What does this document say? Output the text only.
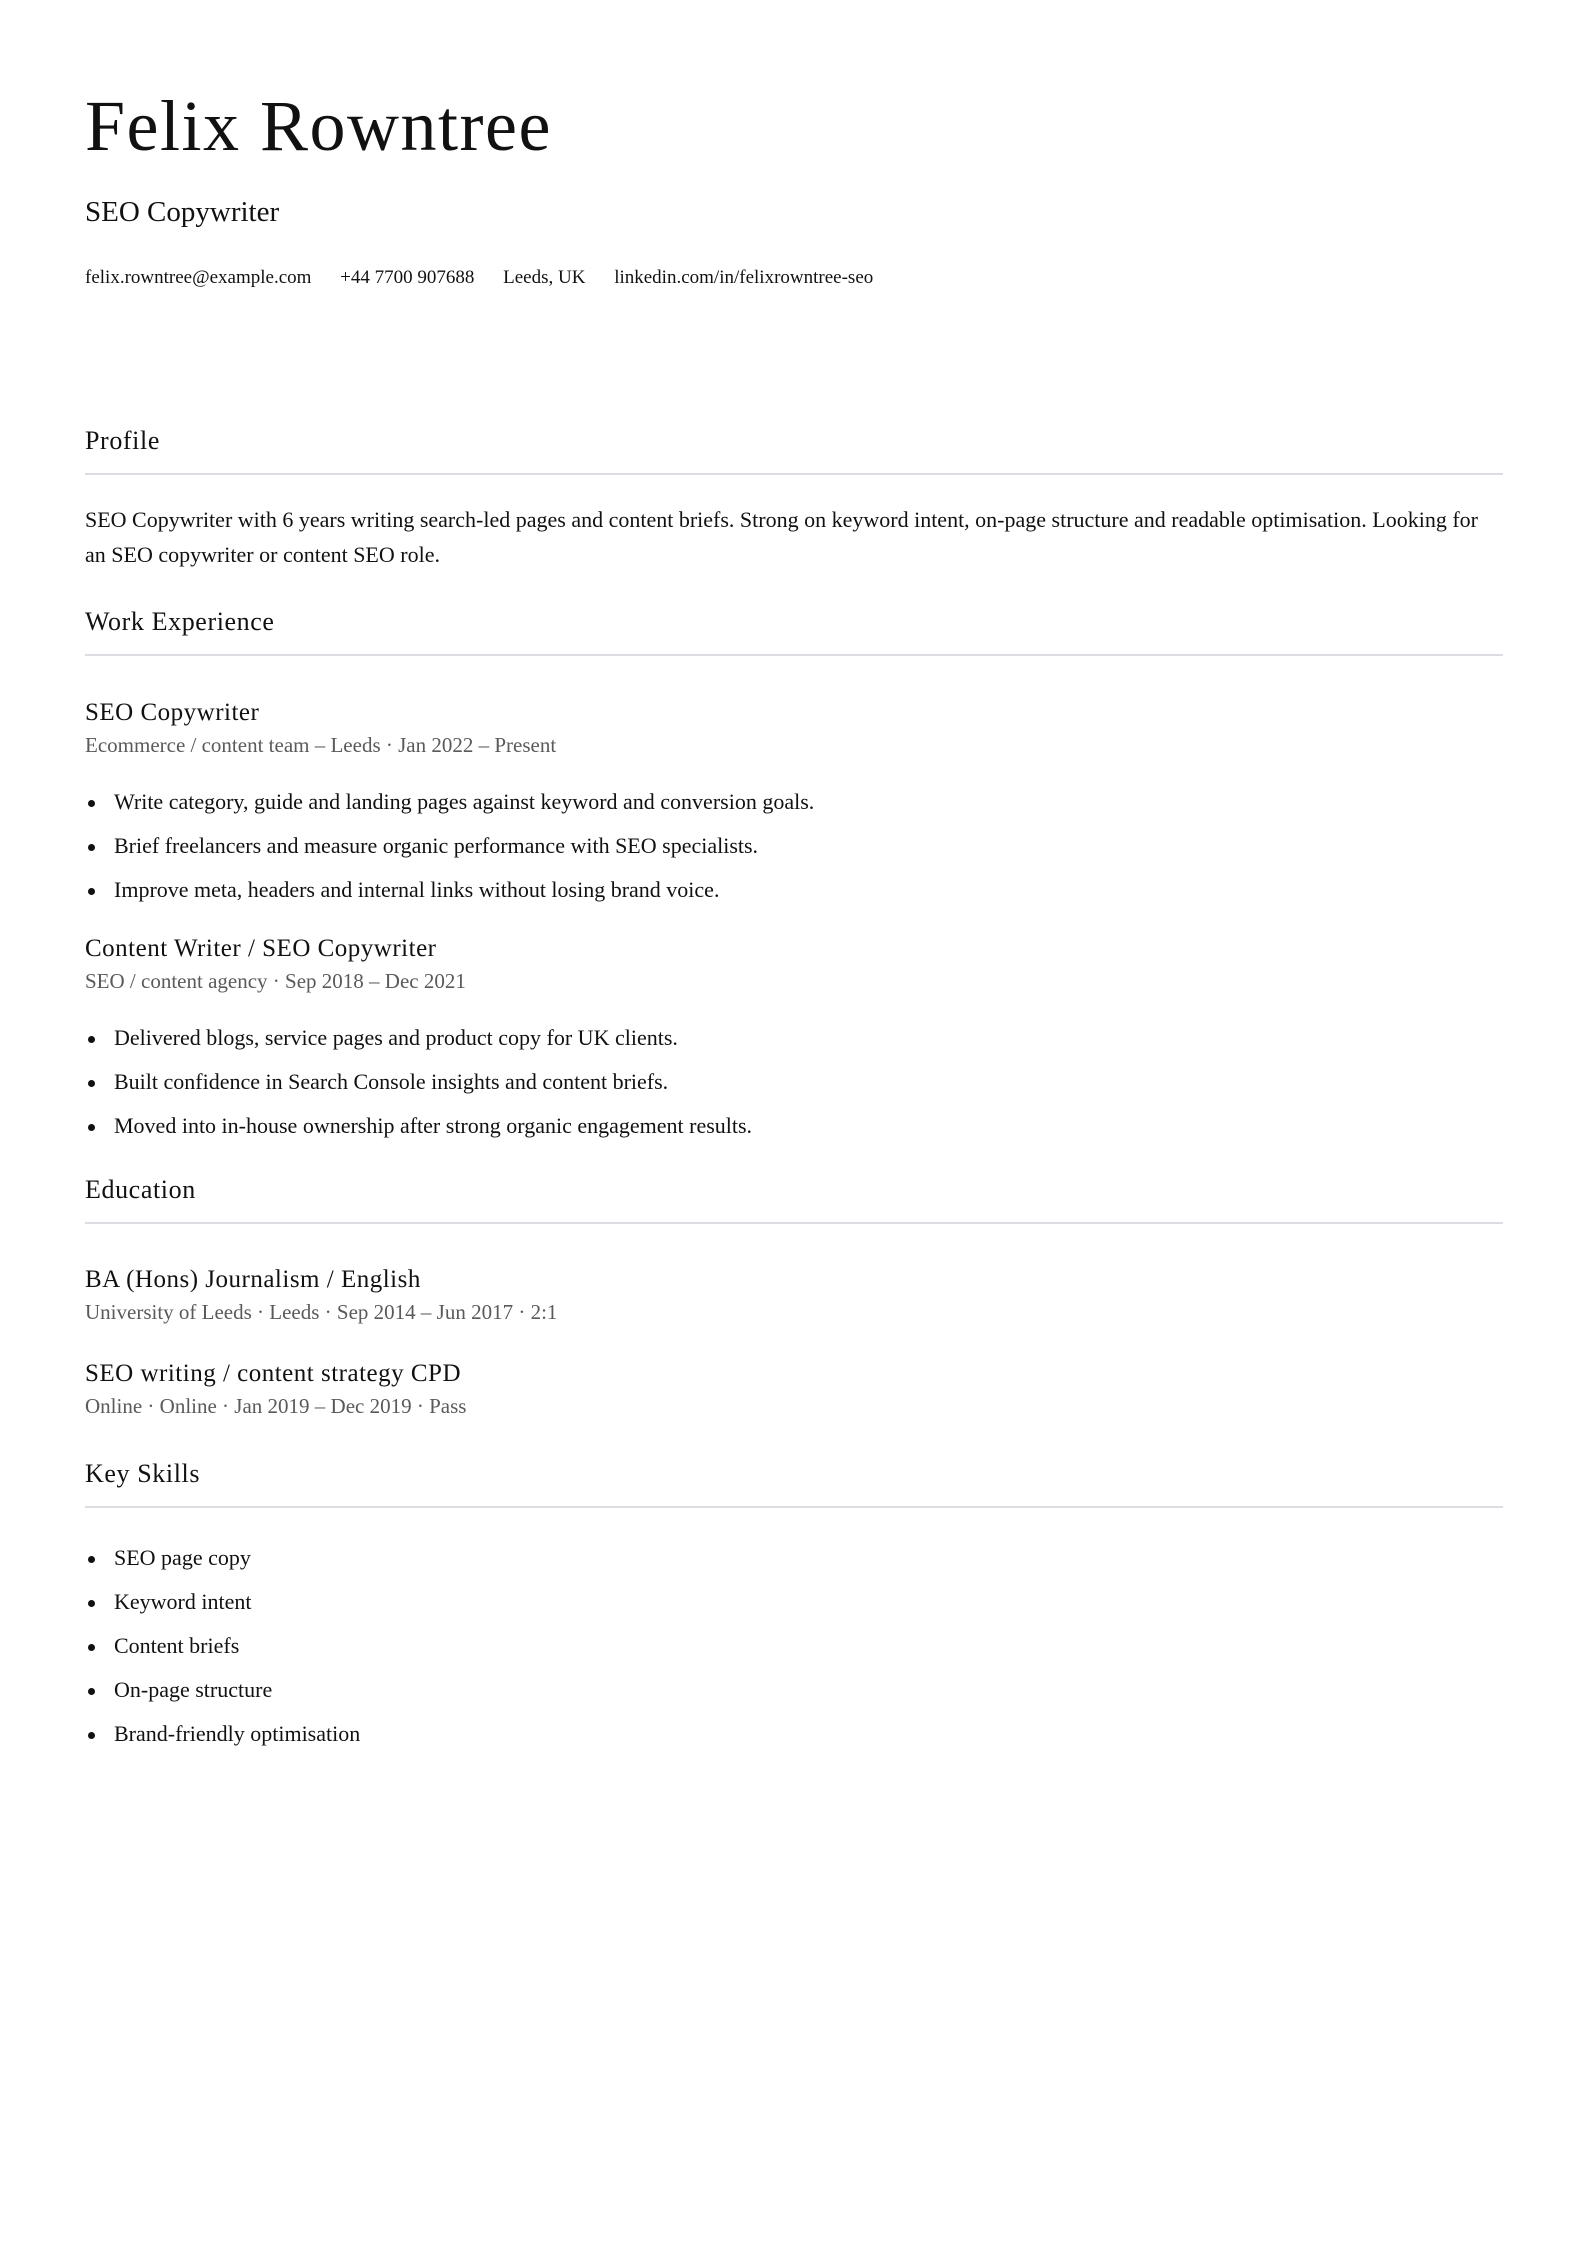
Felix Rowntree
SEO Copywriter
felix.rowntree@example.com +44 7700 907688 Leeds, UK linkedin.com/in/felixrowntree-seo
Profile
SEO Copywriter with 6 years writing search-led pages and content briefs. Strong on keyword intent, on-page structure and readable optimisation. Looking for an SEO copywriter or content SEO role.
Work Experience
SEO Copywriter
Ecommerce / content team – Leeds · Jan 2022 – Present
Write category, guide and landing pages against keyword and conversion goals.
Brief freelancers and measure organic performance with SEO specialists.
Improve meta, headers and internal links without losing brand voice.
Content Writer / SEO Copywriter
SEO / content agency · Sep 2018 – Dec 2021
Delivered blogs, service pages and product copy for UK clients.
Built confidence in Search Console insights and content briefs.
Moved into in-house ownership after strong organic engagement results.
Education
BA (Hons) Journalism / English
University of Leeds · Leeds · Sep 2014 – Jun 2017 · 2:1
SEO writing / content strategy CPD
Online · Online · Jan 2019 – Dec 2019 · Pass
Key Skills
SEO page copy
Keyword intent
Content briefs
On-page structure
Brand-friendly optimisation
